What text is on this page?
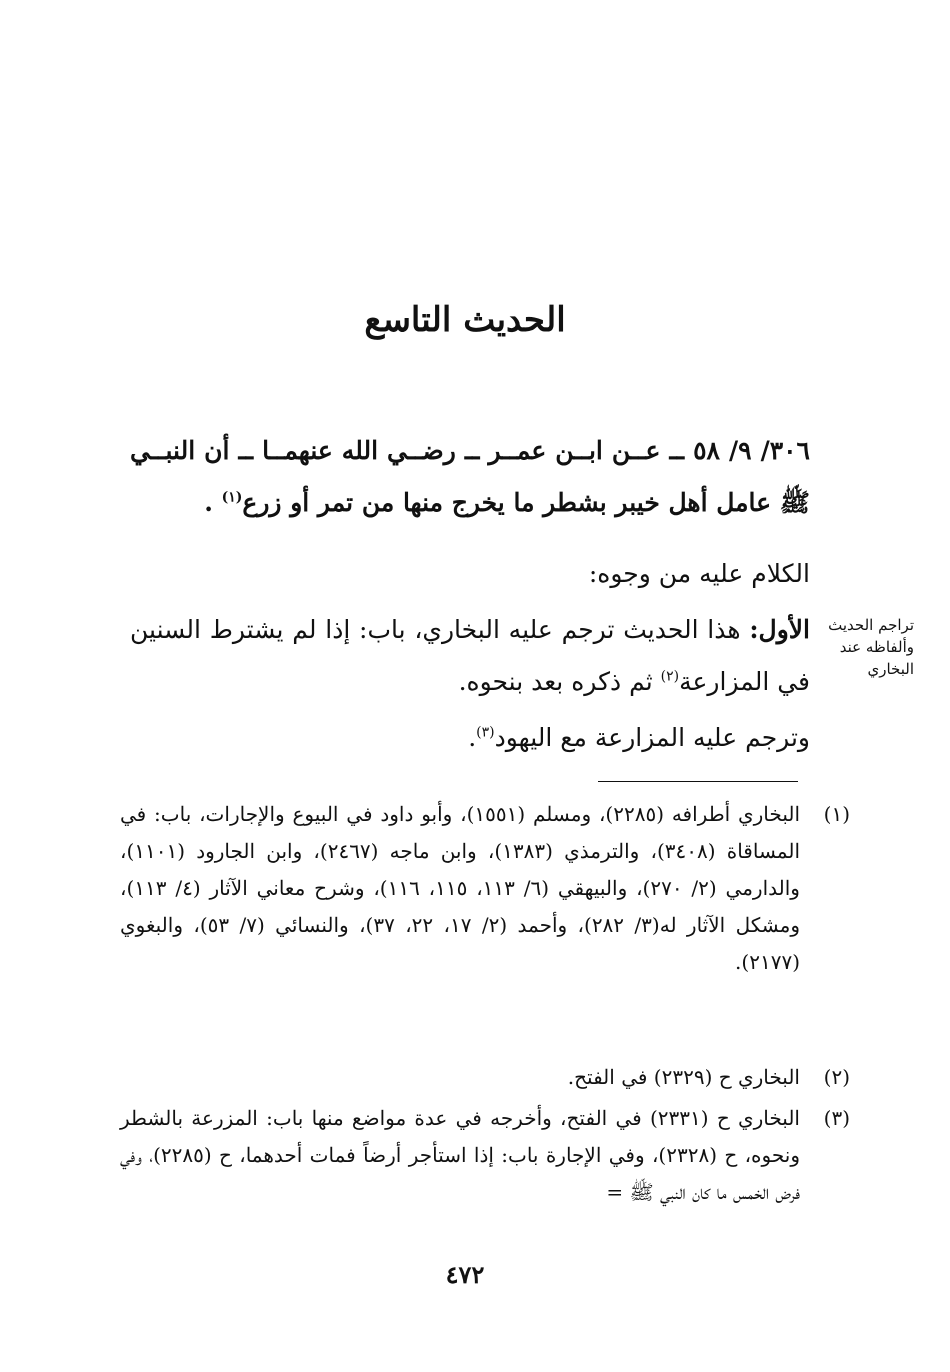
الحديث التاسع
٣٠٦/ ٩/ ٥٨ ــ عــن ابــن عمــر ــ رضــي الله عنهمــا ــ أن النبــي ﷺ عامل أهل خيبر بشطر ما يخرج منها من تمر أو زرع$^{(١)}$ .
الكلام عليه من وجوه:
الأول: هذا الحديث ترجم عليه البخاري، باب: إذا لم يشترط السنين في المزارعة$^{(٢)}$ ثم ذكره بعد بنحوه.
وترجم عليه المزارعة مع اليهود$^{(٣)}$.
تراجم الحديث وألفاظه عند البخاري
(١)
البخاري أطرافه (٢٢٨٥)، ومسلم (١٥٥١)، وأبو داود في البيوع والإجارات، باب: في المساقاة (٣٤٠٨)، والترمذي (١٣٨٣)، وابن ماجه (٢٤٦٧)، وابن الجارود (١١٠١)، والدارمي (٢/ ٢٧٠)، والبيهقي (٦/ ١١٣، ١١٥، ١١٦)، وشرح معاني الآثار (٤/ ١١٣)، ومشكل الآثار له(٣/ ٢٨٢)، وأحمد (٢/ ١٧، ٢٢، ٣٧)، والنسائي (٧/ ٥٣)، والبغوي (٢١٧٧).
(٢)
البخاري ح (٢٣٢٩) في الفتح.
(٣)
البخاري ح (٢٣٣١) في الفتح، وأخرجه في عدة مواضع منها باب: المزرعة بالشطر ونحوه، ح (٢٣٢٨)، وفي الإجارة باب: إذا استأجر أرضاً فمات أحدهما، ح (٢٢٨٥)، وفي فرض الخمس ما كان النبي ﷺ =
٤٧٢
